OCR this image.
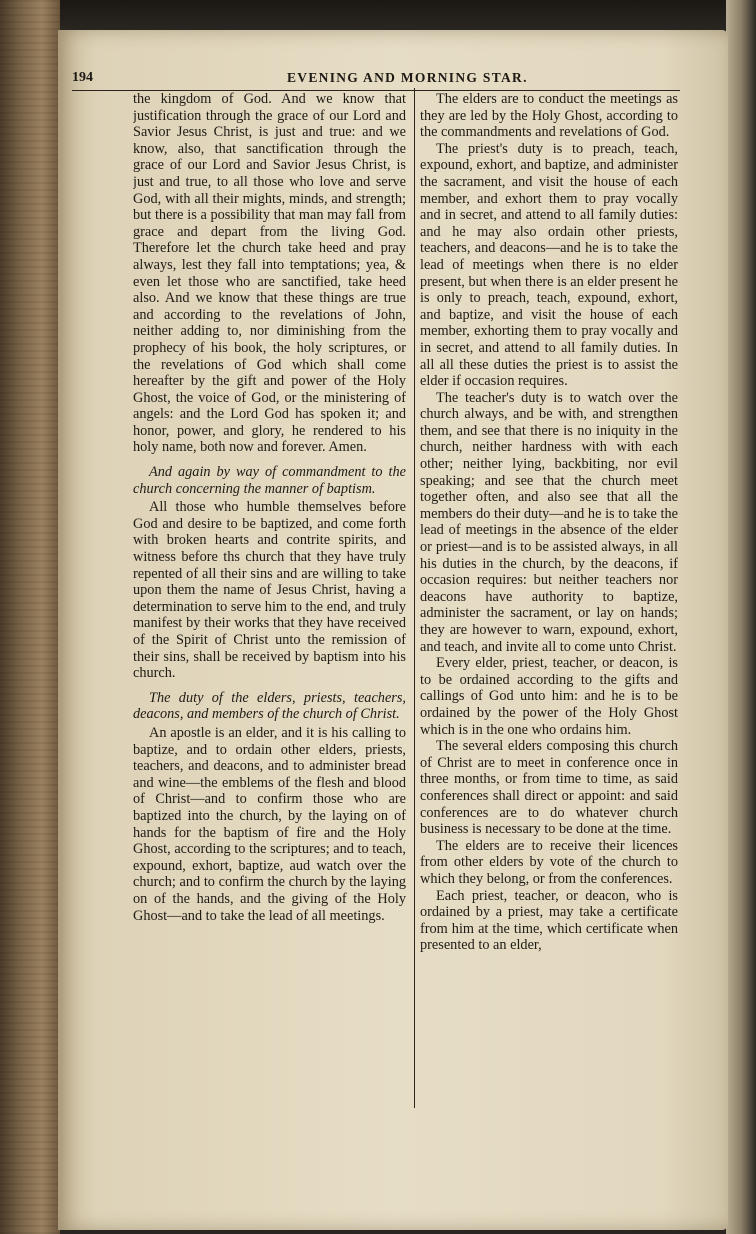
194	EVENING AND MORNING STAR.

the kingdom of God. And we know that justification through the grace of our Lord and Savior Jesus Christ, is just and true: and we know, also, that sanctification through the grace of our Lord and Savior Jesus Christ, is just and true, to all those who love and serve God, with all their mights, minds, and strength; but there is a possibility that man may fall from grace and depart from the living God. Therefore let the church take heed and pray always, lest they fall into temptations; yea, & even let those who are sanctified, take heed also. And we know that these things are true and according to the revelations of John, neither adding to, nor diminishing from the prophecy of his book, the holy scriptures, or the revelations of God which shall come hereafter by the gift and power of the Holy Ghost, the voice of God, or the ministering of angels: and the Lord God has spoken it; and honor, power, and glory, he rendered to his holy name, both now and forever. Amen.

And again by way of commandment to the church concerning the manner of baptism.

All those who humble themselves before God and desire to be baptized, and come forth with broken hearts and contrite spirits, and witness before ths church that they have truly repented of all their sins and are willing to take upon them the name of Jesus Christ, having a determination to serve him to the end, and truly manifest by their works that they have received of the Spirit of Christ unto the remission of their sins, shall be received by baptism into his church.

The duty of the elders, priests, teachers, deacons, and members of the church of Christ.

An apostle is an elder, and it is his calling to baptize, and to ordain other elders, priests, teachers, and deacons, and to administer bread and wine—the emblems of the flesh and blood of Christ—and to confirm those who are baptized into the church, by the laying on of hands for the baptism of fire and the Holy Ghost, according to the scriptures; and to teach, expound, exhort, baptize, aud watch over the church; and to confirm the church by the laying on of the hands, and the giving of the Holy Ghost—and to take the lead of all meetings.

The elders are to conduct the meetings as they are led by the Holy Ghost, according to the commandments and revelations of God.

The priest's duty is to preach, teach, expound, exhort, and baptize, and administer the sacrament, and visit the house of each member, and exhort them to pray vocally and in secret, and attend to all family duties: and he may also ordain other priests, teachers, and deacons—and he is to take the lead of meetings when there is no elder present, but when there is an elder present he is only to preach, teach, expound, exhort, and baptize, and visit the house of each member, exhorting them to pray vocally and in secret, and attend to all family duties. In all all these duties the priest is to assist the elder if occasion requires.

The teacher's duty is to watch over the church always, and be with, and strengthen them, and see that there is no iniquity in the church, neither hardness with with each other; neither lying, backbiting, nor evil speaking; and see that the church meet together often, and also see that all the members do their duty—and he is to take the lead of meetings in the absence of the elder or priest—and is to be assisted always, in all his duties in the church, by the deacons, if occasion requires: but neither teachers nor deacons have authority to baptize, administer the sacrament, or lay on hands; they are however to warn, expound, exhort, and teach, and invite all to come unto Christ.

Every elder, priest, teacher, or deacon, is to be ordained according to the gifts and callings of God unto him: and he is to be ordained by the power of the Holy Ghost which is in the one who ordains him.

The several elders composing this church of Christ are to meet in conference once in three months, or from time to time, as said conferences shall direct or appoint: and said conferences are to do whatever church business is necessary to be done at the time.

The elders are to receive their licences from other elders by vote of the church to which they belong, or from the conferences.

Each priest, teacher, or deacon, who is ordained by a priest, may take a certificate from him at the time, which certificate when presented to an elder,
